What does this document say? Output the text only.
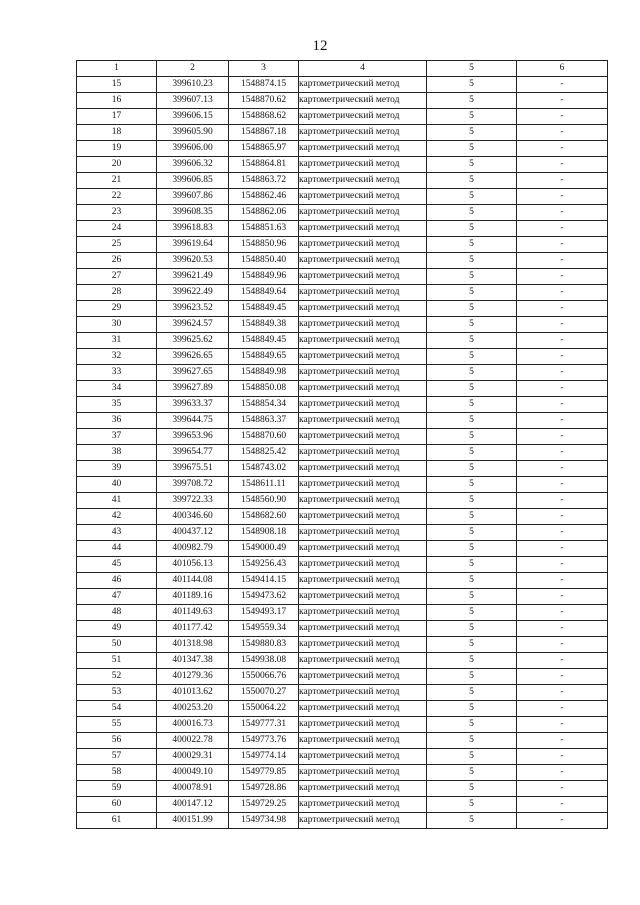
12
1	2	3	4	5	6
15	399610.23	1548874.15	картометрический метод	5	-
16	399607.13	1548870.62	картометрический метод	5	-
17	399606.15	1548868.62	картометрический метод	5	-
18	399605.90	1548867.18	картометрический метод	5	-
19	399606.00	1548865.97	картометрический метод	5	-
20	399606.32	1548864.81	картометрический метод	5	-
21	399606.85	1548863.72	картометрический метод	5	-
22	399607.86	1548862.46	картометрический метод	5	-
23	399608.35	1548862.06	картометрический метод	5	-
24	399618.83	1548851.63	картометрический метод	5	-
25	399619.64	1548850.96	картометрический метод	5	-
26	399620.53	1548850.40	картометрический метод	5	-
27	399621.49	1548849.96	картометрический метод	5	-
28	399622.49	1548849.64	картометрический метод	5	-
29	399623.52	1548849.45	картометрический метод	5	-
30	399624.57	1548849.38	картометрический метод	5	-
31	399625.62	1548849.45	картометрический метод	5	-
32	399626.65	1548849.65	картометрический метод	5	-
33	399627.65	1548849.98	картометрический метод	5	-
34	399627.89	1548850.08	картометрический метод	5	-
35	399633.37	1548854.34	картометрический метод	5	-
36	399644.75	1548863.37	картометрический метод	5	-
37	399653.96	1548870.60	картометрический метод	5	-
38	399654.77	1548825.42	картометрический метод	5	-
39	399675.51	1548743.02	картометрический метод	5	-
40	399708.72	1548611.11	картометрический метод	5	-
41	399722.33	1548560.90	картометрический метод	5	-
42	400346.60	1548682.60	картометрический метод	5	-
43	400437.12	1548908.18	картометрический метод	5	-
44	400982.79	1549000.49	картометрический метод	5	-
45	401056.13	1549256.43	картометрический метод	5	-
46	401144.08	1549414.15	картометрический метод	5	-
47	401189.16	1549473.62	картометрический метод	5	-
48	401149.63	1549493.17	картометрический метод	5	-
49	401177.42	1549559.34	картометрический метод	5	-
50	401318.98	1549880.83	картометрический метод	5	-
51	401347.38	1549938.08	картометрический метод	5	-
52	401279.36	1550066.76	картометрический метод	5	-
53	401013.62	1550070.27	картометрический метод	5	-
54	400253.20	1550064.22	картометрический метод	5	-
55	400016.73	1549777.31	картометрический метод	5	-
56	400022.78	1549773.76	картометрический метод	5	-
57	400029.31	1549774.14	картометрический метод	5	-
58	400049.10	1549779.85	картометрический метод	5	-
59	400078.91	1549728.86	картометрический метод	5	-
60	400147.12	1549729.25	картометрический метод	5	-
61	400151.99	1549734.98	картометрический метод	5	-
